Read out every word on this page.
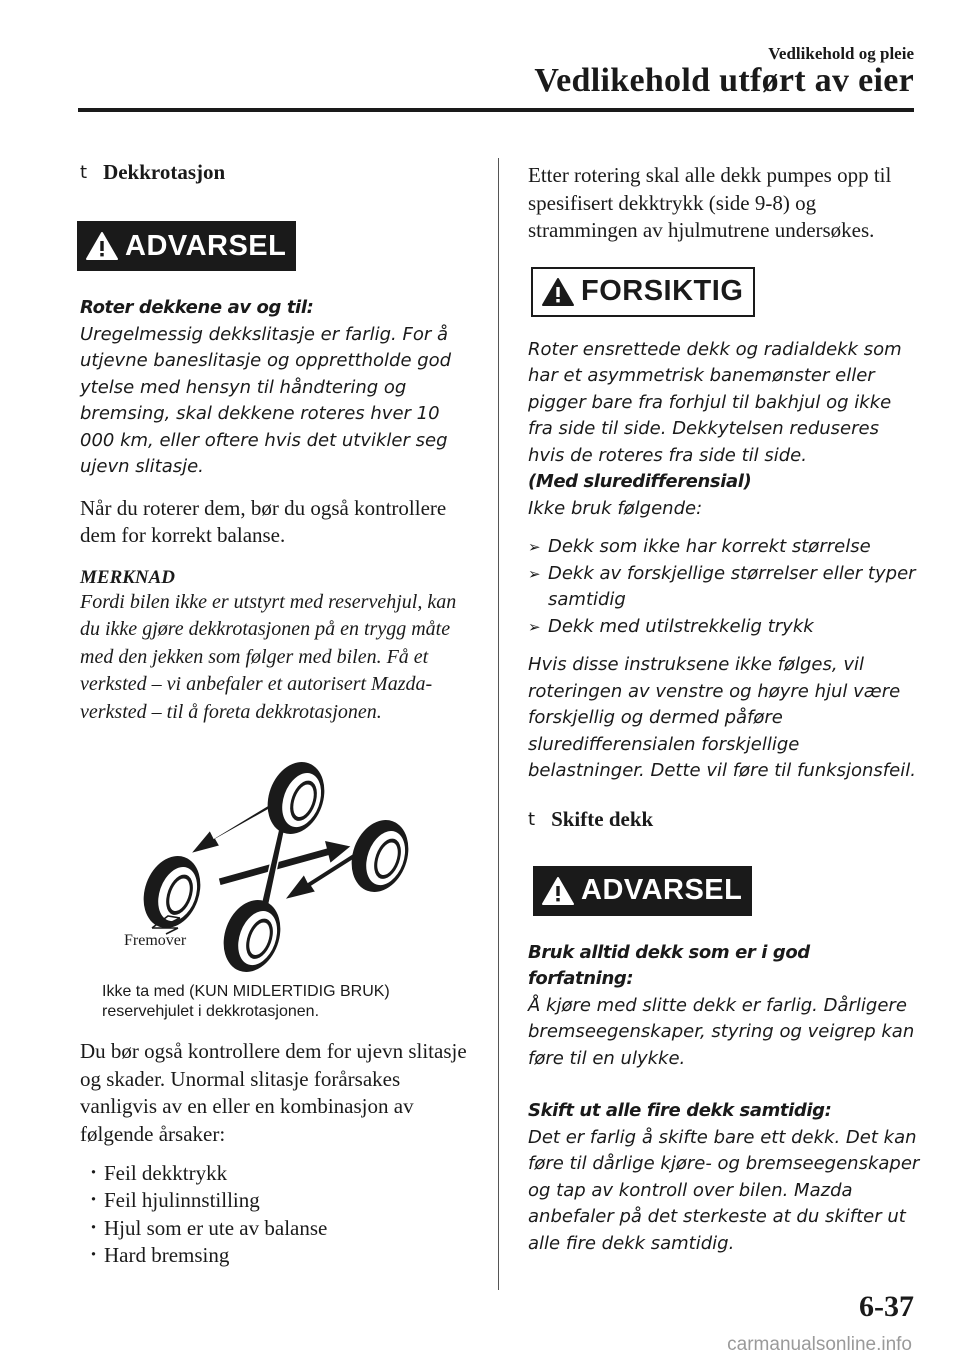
Vedlikehold og pleie
Vedlikehold utført av eier
t Dekkrotasjon
ADVARSEL
Roter dekkene av og til:
Uregelmessig dekkslitasje er farlig. For å utjevne baneslitasje og opprettholde god ytelse med hensyn til håndtering og bremsing, skal dekkene roteres hver 10 000 km, eller oftere hvis det utvikler seg ujevn slitasje.
Når du roterer dem, bør du også kontrollere dem for korrekt balanse.
MERKNAD
Fordi bilen ikke er utstyrt med reservehjul, kan du ikke gjøre dekkrotasjonen på en trygg måte med den jekken som følger med bilen. Få et verksted – vi anbefaler et autorisert Mazda-verksted – til å foreta dekkrotasjonen.
Fremover
Ikke ta med (KUN MIDLERTIDIG BRUK) reservehjulet i dekkrotasjonen.
Du bør også kontrollere dem for ujevn slitasje og skader. Unormal slitasje forårsakes vanligvis av en eller en kombinasjon av følgende årsaker:
· Feil dekktrykk
· Feil hjulinnstilling
· Hjul som er ute av balanse
· Hard bremsing
Etter rotering skal alle dekk pumpes opp til spesifisert dekktrykk (side 9-8) og strammingen av hjulmutrene undersøkes.
FORSIKTIG
Roter ensrettede dekk og radialdekk som har et asymmetrisk banemønster eller pigger bare fra forhjul til bakhjul og ikke fra side til side. Dekkytelsen reduseres hvis de roteres fra side til side.
(Med sluredifferensial)
Ikke bruk følgende:
➢ Dekk som ikke har korrekt størrelse
➢ Dekk av forskjellige størrelser eller typer samtidig
➢ Dekk med utilstrekkelig trykk
Hvis disse instruksene ikke følges, vil roteringen av venstre og høyre hjul være forskjellig og dermed påføre sluredifferensialen forskjellige belastninger. Dette vil føre til funksjonsfeil.
t Skifte dekk
ADVARSEL
Bruk alltid dekk som er i god forfatning:
Å kjøre med slitte dekk er farlig. Dårligere bremseegenskaper, styring og veigrep kan føre til en ulykke.
Skift ut alle fire dekk samtidig:
Det er farlig å skifte bare ett dekk. Det kan føre til dårlige kjøre- og bremseegenskaper og tap av kontroll over bilen. Mazda anbefaler på det sterkeste at du skifter ut alle fire dekk samtidig.
6-37
carmanualsonline.info
